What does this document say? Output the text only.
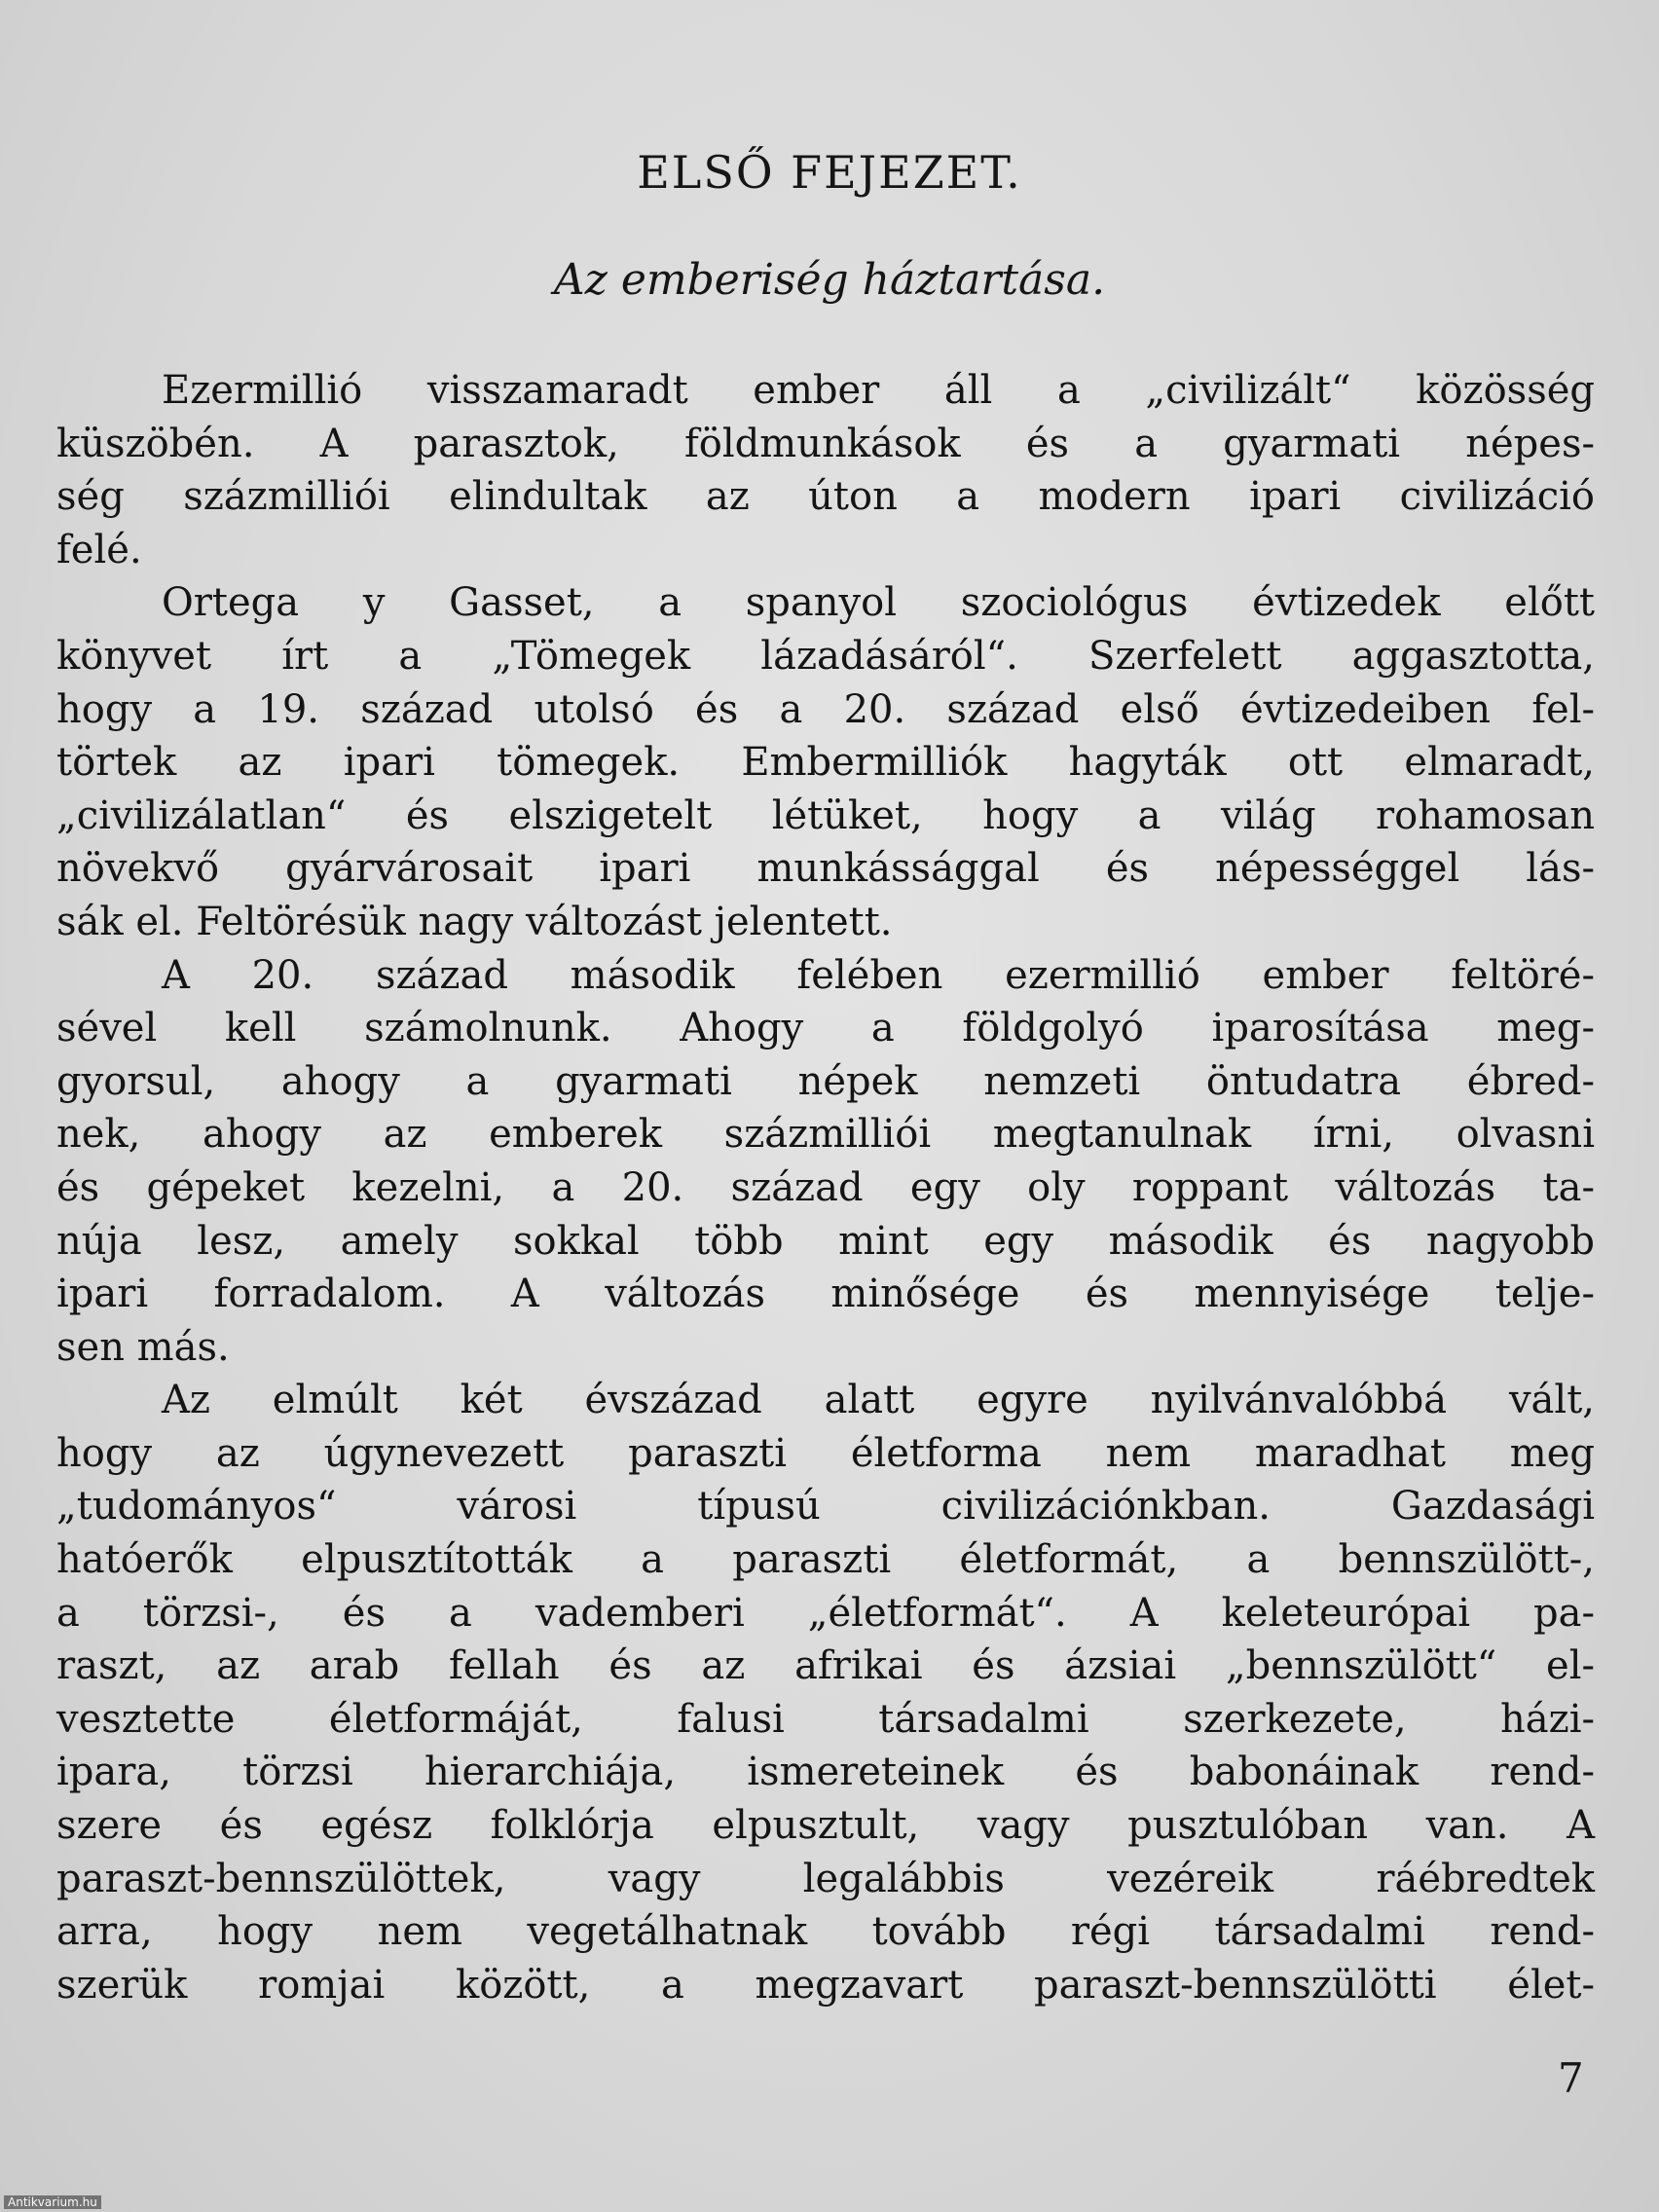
ELSŐ FEJEZET.
Az emberiség háztartása.
Ezermillió visszamaradt ember áll a „civilizált“ közösség
küszöbén. A parasztok, földmunkások és a gyarmati népes-
ség százmilliói elindultak az úton a modern ipari civilizáció
felé.
Ortega y Gasset, a spanyol szociológus évtizedek előtt
könyvet írt a „Tömegek lázadásáról“. Szerfelett aggasztotta,
hogy a 19. század utolsó és a 20. század első évtizedeiben fel-
törtek az ipari tömegek. Embermilliók hagyták ott elmaradt,
„civilizálatlan“ és elszigetelt létüket, hogy a világ rohamosan
növekvő gyárvárosait ipari munkássággal és népességgel lás-
sák el. Feltörésük nagy változást jelentett.
A 20. század második felében ezermillió ember feltöré-
sével kell számolnunk. Ahogy a földgolyó iparosítása meg-
gyorsul, ahogy a gyarmati népek nemzeti öntudatra ébred-
nek, ahogy az emberek százmilliói megtanulnak írni, olvasni
és gépeket kezelni, a 20. század egy oly roppant változás ta-
núja lesz, amely sokkal több mint egy második és nagyobb
ipari forradalom. A változás minősége és mennyisége telje-
sen más.
Az elmúlt két évszázad alatt egyre nyilvánvalóbbá vált,
hogy az úgynevezett paraszti életforma nem maradhat meg
„tudományos“ városi típusú civilizációnkban. Gazdasági
hatóerők elpusztították a paraszti életformát, a bennszülött-,
a törzsi-, és a vademberi „életformát“. A keleteurópai pa-
raszt, az arab fellah és az afrikai és ázsiai „bennszülött“ el-
vesztette életformáját, falusi társadalmi szerkezete, házi-
ipara, törzsi hierarchiája, ismereteinek és babonáinak rend-
szere és egész folklórja elpusztult, vagy pusztulóban van. A
paraszt-bennszülöttek, vagy legalábbis vezéreik ráébredtek
arra, hogy nem vegetálhatnak tovább régi társadalmi rend-
szerük romjai között, a megzavart paraszt-bennszülötti élet-
7
Antikvarium.hu
